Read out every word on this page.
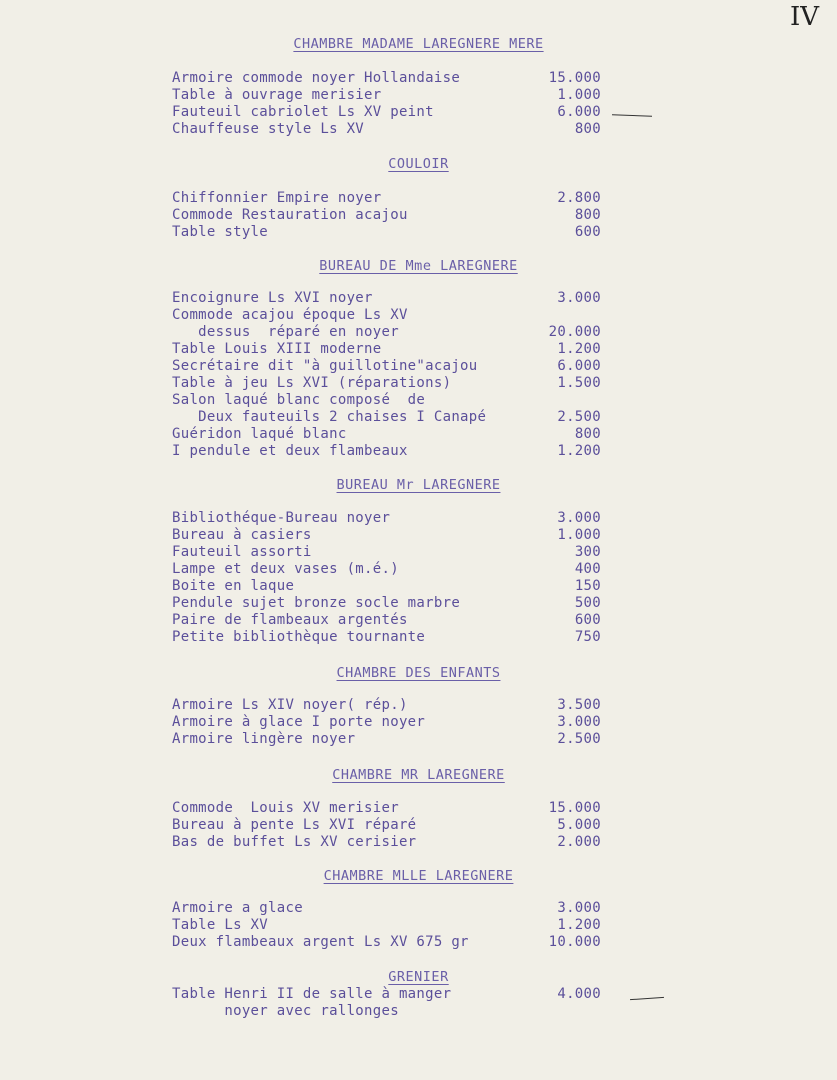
IV
CHAMBRE MADAME LAREGNERE MERE
Armoire commode noyer Hollandaise	15.000
Table à ouvrage merisier	1.000
Fauteuil cabriolet Ls XV peint	6.000
Chauffeuse style Ls XV	800
COULOIR
Chiffonnier Empire noyer	2.800
Commode Restauration acajou	800
Table style	600
BUREAU DE Mme LAREGNERE
Encoignure Ls XVI noyer	3.000
Commode acajou époque Ls XV
dessus  réparé en noyer	20.000
Table Louis XIII moderne	1.200
Secrétaire dit "à guillotine"acajou	6.000
Table à jeu Ls XVI (réparations)	1.500
Salon laqué blanc composé  de
Deux fauteuils 2 chaises I Canapé	2.500
Guéridon laqué blanc	800
I pendule et deux flambeaux	1.200
BUREAU Mr LAREGNERE
Bibliothéque-Bureau noyer	3.000
Bureau à casiers	1.000
Fauteuil assorti	300
Lampe et deux vases (m.é.)	400
Boite en laque	150
Pendule sujet bronze socle marbre	500
Paire de flambeaux argentés	600
Petite bibliothèque tournante	750
CHAMBRE DES ENFANTS
Armoire Ls XIV noyer( rép.)	3.500
Armoire à glace I porte noyer	3.000
Armoire lingère noyer	2.500
CHAMBRE MR LAREGNERE
Commode  Louis XV merisier	15.000
Bureau à pente Ls XVI réparé	5.000
Bas de buffet Ls XV cerisier	2.000
CHAMBRE MLLE LAREGNERE
Armoire a glace	3.000
Table Ls XV	1.200
Deux flambeaux argent Ls XV 675 gr	10.000
GRENIER
Table Henri II de salle à manger	4.000
noyer avec rallonges
